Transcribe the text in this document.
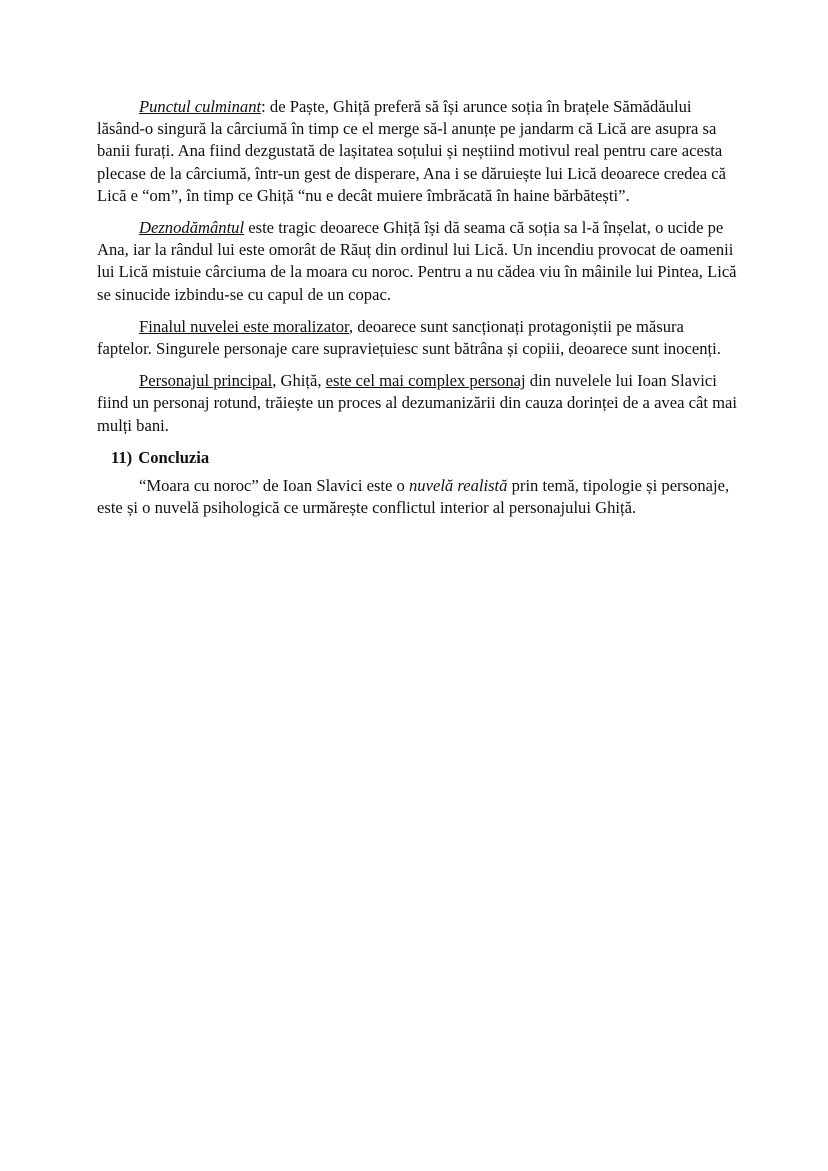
Punctul culminant: de Paște, Ghiță preferă să își arunce soția în brațele Sămădăului lăsând-o singură la cârciumă în timp ce el merge să-l anunțe pe jandarm că Lică are asupra sa banii furați. Ana fiind dezgustată de lașitatea soțului și neștiind motivul real pentru care acesta plecase de la cârciumă, într-un gest de disperare, Ana i se dăruiește lui Lică deoarece credea că Lică e “om”, în timp ce Ghiță “nu e decât muiere îmbrăcată în haine bărbătești”.

Deznodământul este tragic deoarece Ghiță își dă seama că soția sa l-ă înșelat, o ucide pe Ana, iar la rândul lui este omorât de Răuț din ordinul lui Lică. Un incendiu provocat de oamenii lui Lică mistuie cârciuma de la moara cu noroc. Pentru a nu cădea viu în mâinile lui Pintea, Lică se sinucide izbindu-se cu capul de un copac.

Finalul nuvelei este moralizator, deoarece sunt sancționați protagoniștii pe măsura faptelor. Singurele personaje care supraviețuiesc sunt bătrâna și copiii, deoarece sunt inocenți.

Personajul principal, Ghiță, este cel mai complex personaj din nuvelele lui Ioan Slavici fiind un personaj rotund, trăiește un proces al dezumanizării din cauza dorinței de a avea cât mai mulți bani.

11) Concluzia

“Moara cu noroc” de Ioan Slavici este o nuvelă realistă prin temă, tipologie și personaje, este și o nuvelă psihologică ce urmărește conflictul interior al personajului Ghiță.
